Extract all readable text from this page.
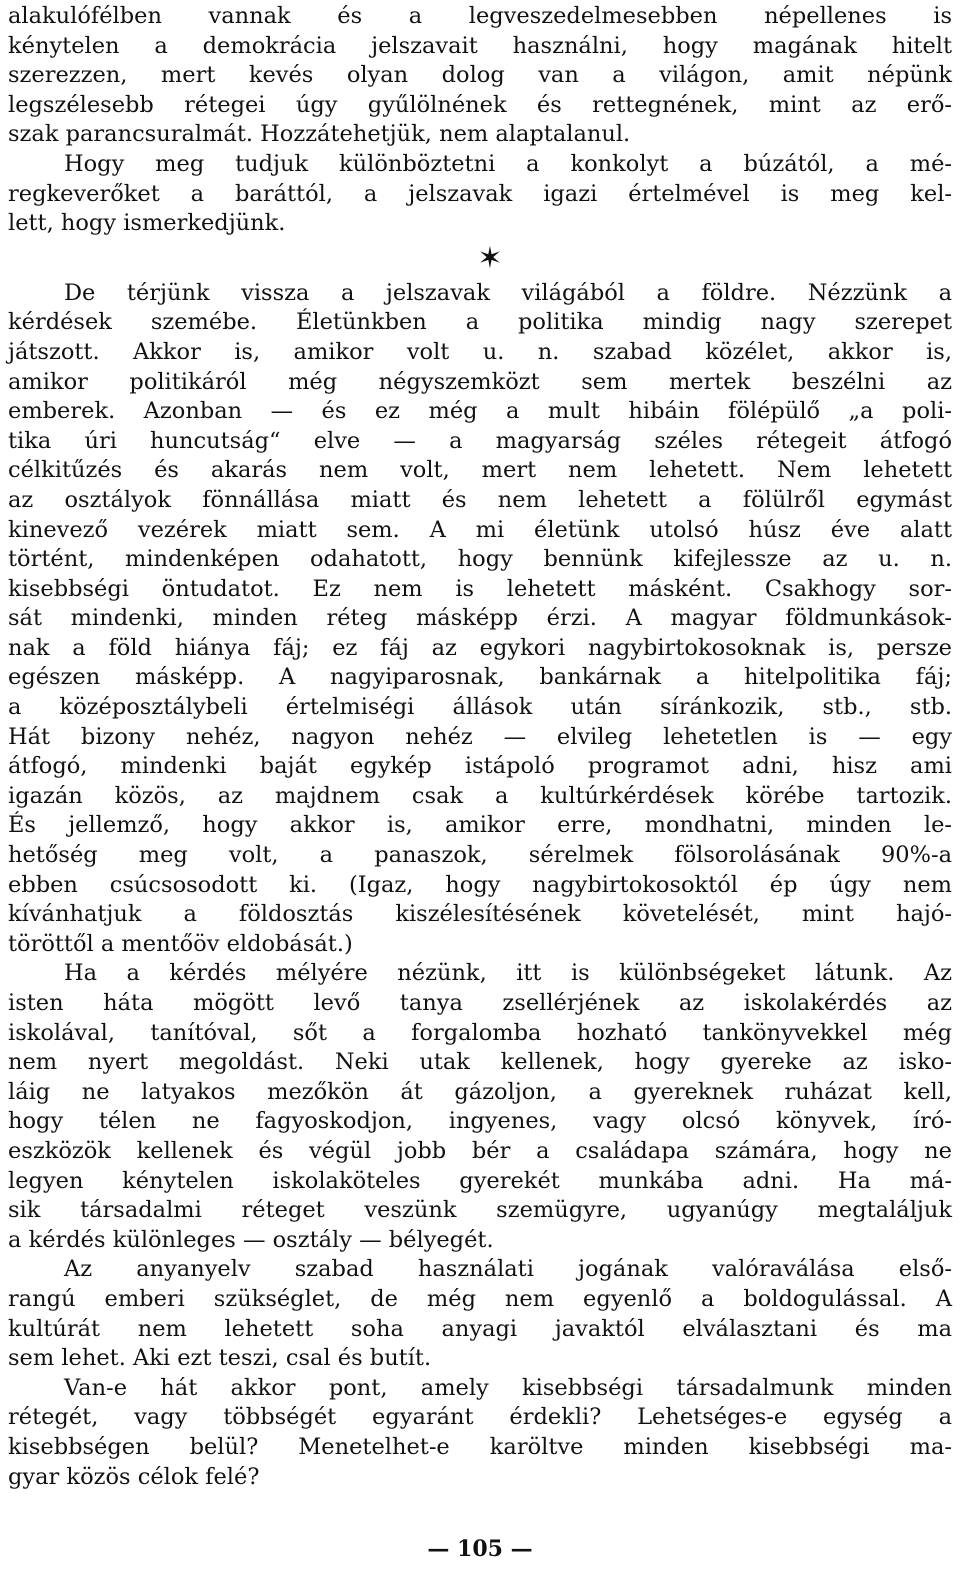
alakulófélben vannak és a legveszedelmesebben népellenes is
kénytelen a demokrácia jelszavait használni, hogy magának hitelt
szerezzen, mert kevés olyan dolog van a világon, amit népünk
legszélesebb rétegei úgy gyűlölnének és rettegnének, mint az erő-
szak parancsuralmát. Hozzátehetjük, nem alaptalanul.
Hogy meg tudjuk különböztetni a konkolyt a búzától, a mé-
regkeverőket a baráttól, a jelszavak igazi értelmével is meg kel-
lett, hogy ismerkedjünk.
✶
De térjünk vissza a jelszavak világából a földre. Nézzünk a
kérdések szemébe. Életünkben a politika mindig nagy szerepet
játszott. Akkor is, amikor volt u. n. szabad közélet, akkor is,
amikor politikáról még négyszemközt sem mertek beszélni az
emberek. Azonban — és ez még a mult hibáin fölépülő „a poli-
tika úri huncutság“ elve — a magyarság széles rétegeit átfogó
célkitűzés és akarás nem volt, mert nem lehetett. Nem lehetett
az osztályok fönnállása miatt és nem lehetett a fölülről egymást
kinevező vezérek miatt sem. A mi életünk utolsó húsz éve alatt
történt, mindenképen odahatott, hogy bennünk kifejlessze az u. n.
kisebbségi öntudatot. Ez nem is lehetett másként. Csakhogy sor-
sát mindenki, minden réteg másképp érzi. A magyar földmunkások-
nak a föld hiánya fáj; ez fáj az egykori nagybirtokosoknak is, persze
egészen másképp. A nagyiparosnak, bankárnak a hitelpolitika fáj;
a középosztálybeli értelmiségi állások után síránkozik, stb., stb.
Hát bizony nehéz, nagyon nehéz — elvileg lehetetlen is — egy
átfogó, mindenki baját egykép istápoló programot adni, hisz ami
igazán közös, az majdnem csak a kultúrkérdések körébe tartozik.
És jellemző, hogy akkor is, amikor erre, mondhatni, minden le-
hetőség meg volt, a panaszok, sérelmek fölsorolásának 90%-a
ebben csúcsosodott ki. (Igaz, hogy nagybirtokosoktól ép úgy nem
kívánhatjuk a földosztás kiszélesítésének követelését, mint hajó-
töröttől a mentőöv eldobását.)
Ha a kérdés mélyére nézünk, itt is különbségeket látunk. Az
isten háta mögött levő tanya zsellérjének az iskolakérdés az
iskolával, tanítóval, sőt a forgalomba hozható tankönyvekkel még
nem nyert megoldást. Neki utak kellenek, hogy gyereke az isko-
láig ne latyakos mezőkön át gázoljon, a gyereknek ruházat kell,
hogy télen ne fagyoskodjon, ingyenes, vagy olcsó könyvek, író-
eszközök kellenek és végül jobb bér a családapa számára, hogy ne
legyen kénytelen iskolaköteles gyerekét munkába adni. Ha má-
sik társadalmi réteget veszünk szemügyre, ugyanúgy megtaláljuk
a kérdés különleges — osztály — bélyegét.
Az anyanyelv szabad használati jogának valóraválása első-
rangú emberi szükséglet, de még nem egyenlő a boldogulással. A
kultúrát nem lehetett soha anyagi javaktól elválasztani és ma
sem lehet. Aki ezt teszi, csal és butít.
Van-e hát akkor pont, amely kisebbségi társadalmunk minden
rétegét, vagy többségét egyaránt érdekli? Lehetséges-e egység a
kisebbségen belül? Menetelhet-e karöltve minden kisebbségi ma-
gyar közös célok felé?
— 105 —
